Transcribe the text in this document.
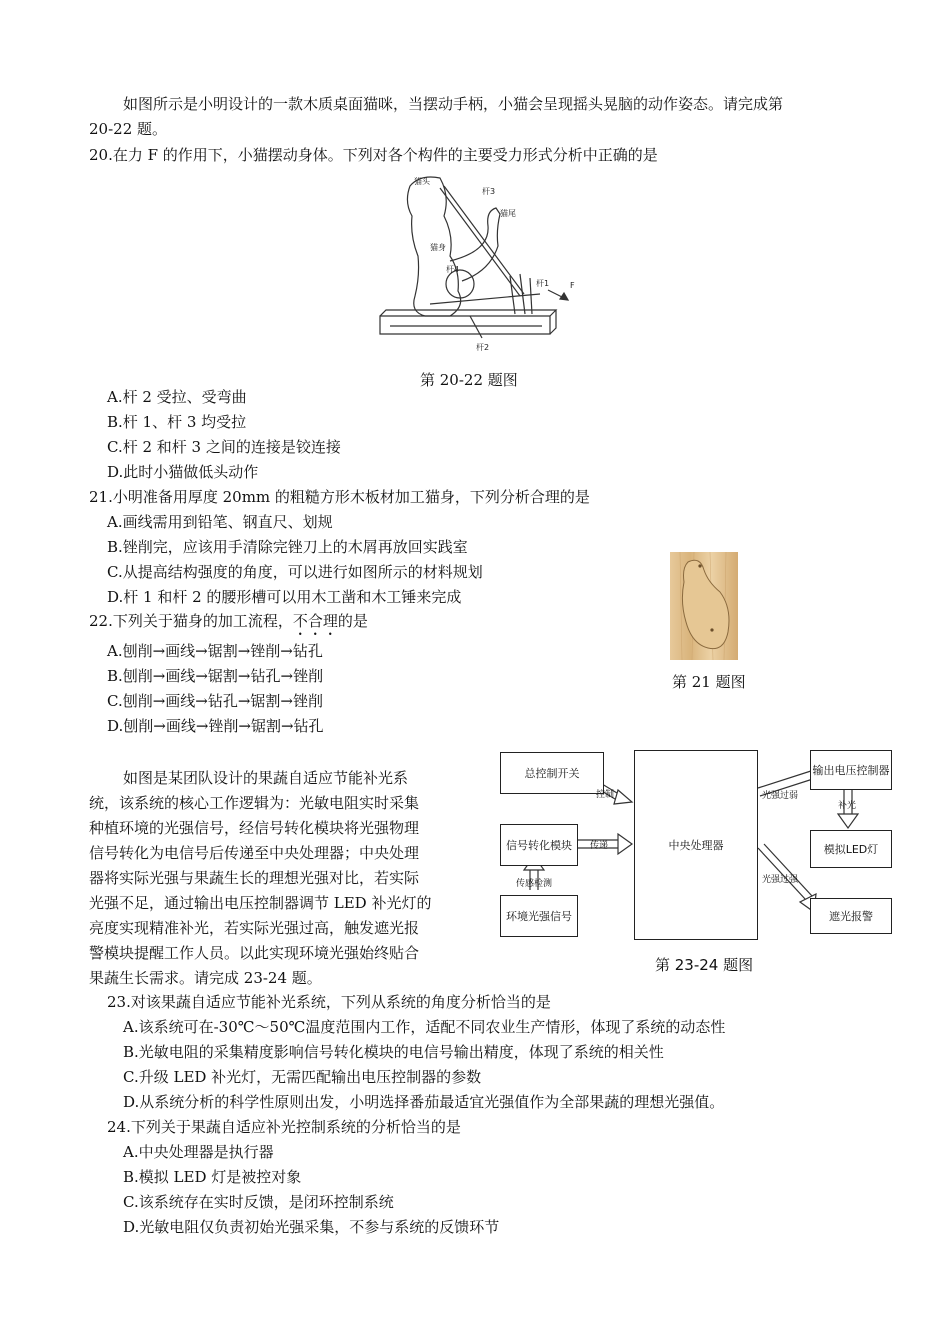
如图所示是小明设计的一款木质桌面猫咪，当摆动手柄，小猫会呈现摇头晃脑的动作姿态。请完成第
20-22 题。
20.在力 F 的作用下，小猫摆动身体。下列对各个构件的主要受力形式分析中正确的是
猫头
杆3
猫尾
猫身
杆4
杆1	F
杆2
第 20-22 题图
A.杆 2 受拉、受弯曲
B.杆 1、杆 3 均受拉
C.杆 2 和杆 3 之间的连接是铰连接
D.此时小猫做低头动作
21.小明准备用厚度 20mm 的粗糙方形木板材加工猫身，下列分析合理的是
A.画线需用到铅笔、钢直尺、划规
B.锉削完，应该用手清除完锉刀上的木屑再放回实践室
C.从提高结构强度的角度，可以进行如图所示的材料规划
D.杆 1 和杆 2 的腰形槽可以用木工凿和木工锤来完成
第 21 题图
22.下列关于猫身的加工流程，不合理的是
A.刨削→画线→锯割→锉削→钻孔
B.刨削→画线→锯割→钻孔→锉削
C.刨削→画线→钻孔→锯割→锉削
D.刨削→画线→锉削→锯割→钻孔
如图是某团队设计的果蔬自适应节能补光系
统，该系统的核心工作逻辑为：光敏电阻实时采集
种植环境的光强信号，经信号转化模块将光强物理
信号转化为电信号后传递至中央处理器；中央处理
器将实际光强与果蔬生长的理想光强对比，若实际
光强不足，通过输出电压控制器调节 LED 补光灯的
亮度实现精准补光，若实际光强过高，触发遮光报
警模块提醒工作人员。以此实现环境光强始终贴合
果蔬生长需求。请完成 23-24 题。
总控制开关
信号转化模块
环境光强信号
中央处理器
输出电压控制器
模拟LED灯
遮光报警
控制
传递
传感检测
光强过弱
光强过强
补光
第 23-24 题图
23.对该果蔬自适应节能补光系统，下列从系统的角度分析恰当的是
A.该系统可在-30℃～50℃温度范围内工作，适配不同农业生产情形，体现了系统的动态性
B.光敏电阻的采集精度影响信号转化模块的电信号输出精度，体现了系统的相关性
C.升级 LED 补光灯，无需匹配输出电压控制器的参数
D.从系统分析的科学性原则出发，小明选择番茄最适宜光强值作为全部果蔬的理想光强值。
24.下列关于果蔬自适应补光控制系统的分析恰当的是
A.中央处理器是执行器
B.模拟 LED 灯是被控对象
C.该系统存在实时反馈，是闭环控制系统
D.光敏电阻仅负责初始光强采集，不参与系统的反馈环节
